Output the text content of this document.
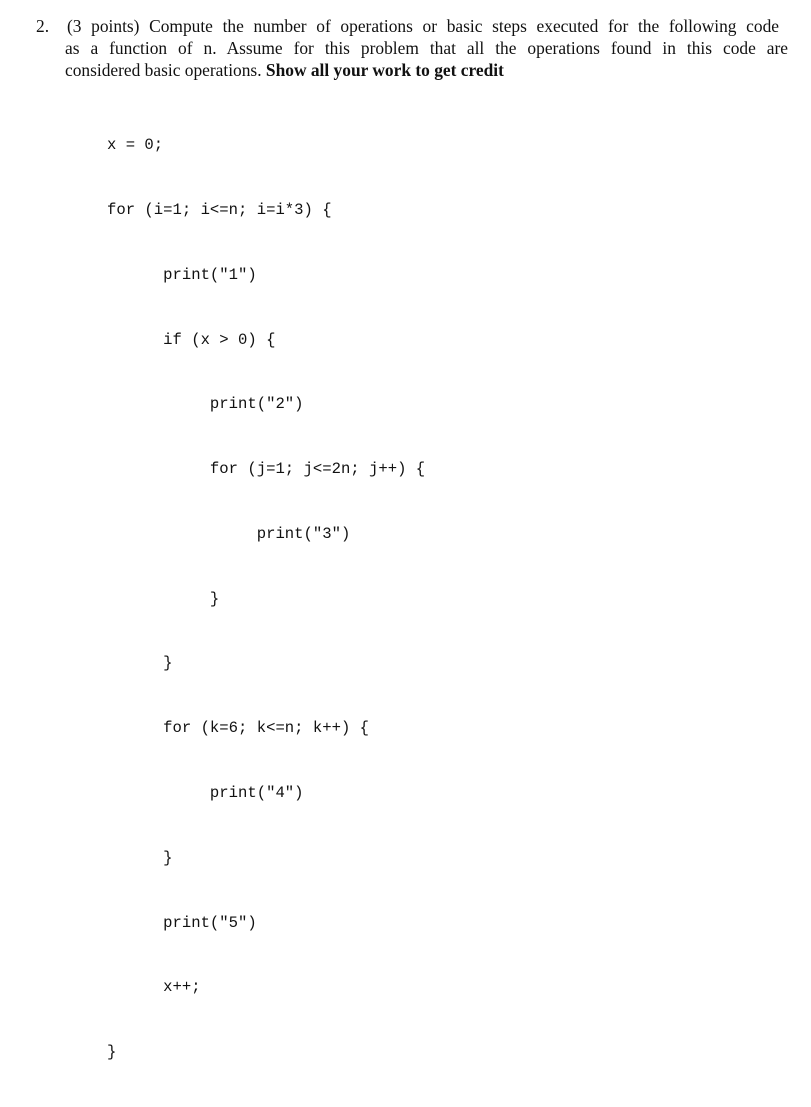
2.	(3 points) Compute the number of operations or basic steps executed for the following code
as a function of n. Assume for this problem that all the operations found in this code are
considered basic operations. Show all your work to get credit

x = 0;

for (i=1; i<=n; i=i*3) {

print("1")

if (x > 0) {

print("2")

for (j=1; j<=2n; j++) {

print("3")

}

}

for (k=6; k<=n; k++) {

print("4")

}

print("5")

x++;

}
